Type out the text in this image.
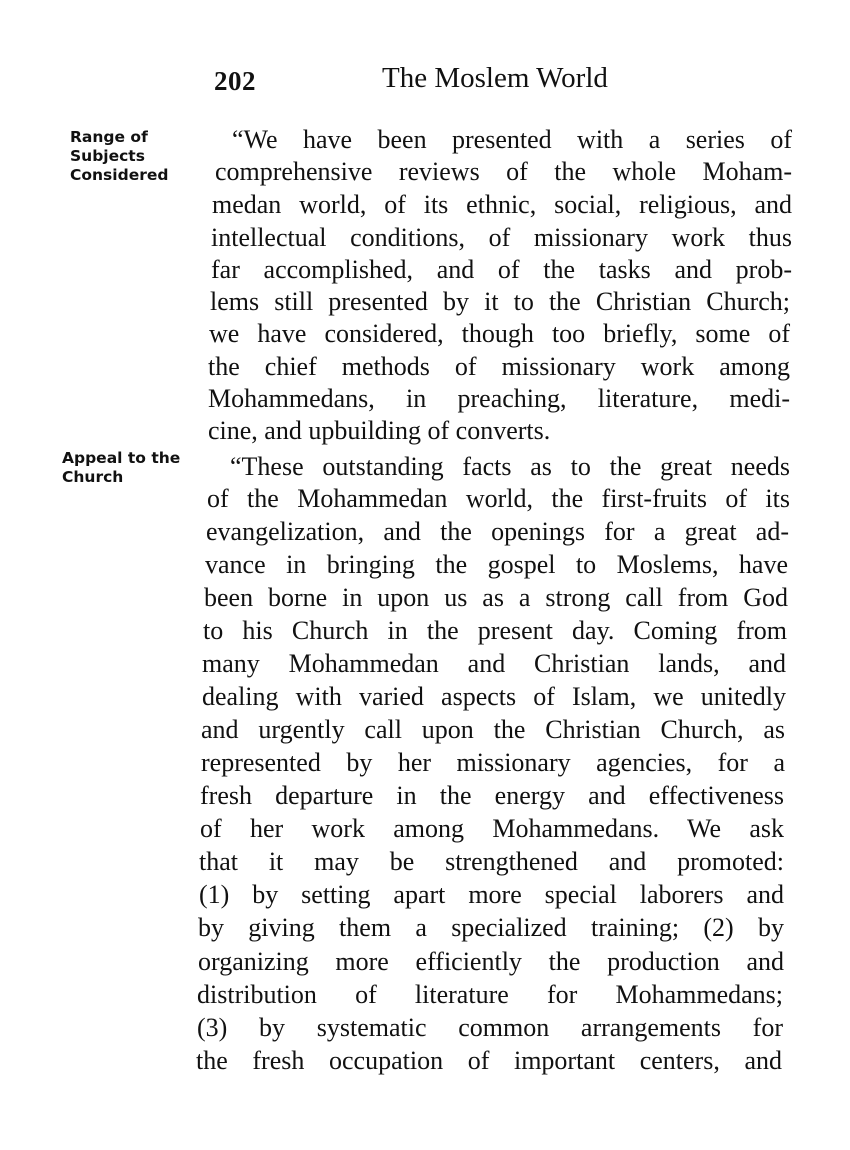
202	The Moslem World
Range of
Subjects
Considered
Appeal to the
Church
“We have been presented with a series of
comprehensive reviews of the whole Moham-
medan world, of its ethnic, social, religious, and
intellectual conditions, of missionary work thus
far accomplished, and of the tasks and prob-
lems still presented by it to the Christian Church;
we have considered, though too briefly, some of
the chief methods of missionary work among
Mohammedans, in preaching, literature, medi-
cine, and upbuilding of converts.
“These outstanding facts as to the great needs
of the Mohammedan world, the first-fruits of its
evangelization, and the openings for a great ad-
vance in bringing the gospel to Moslems, have
been borne in upon us as a strong call from God
to his Church in the present day. Coming from
many Mohammedan and Christian lands, and
dealing with varied aspects of Islam, we unitedly
and urgently call upon the Christian Church, as
represented by her missionary agencies, for a
fresh departure in the energy and effectiveness
of her work among Mohammedans. We ask
that it may be strengthened and promoted:
(1) by setting apart more special laborers and
by giving them a specialized training; (2) by
organizing more efficiently the production and
distribution of literature for Mohammedans;
(3) by systematic common arrangements for
the fresh occupation of important centers, and
